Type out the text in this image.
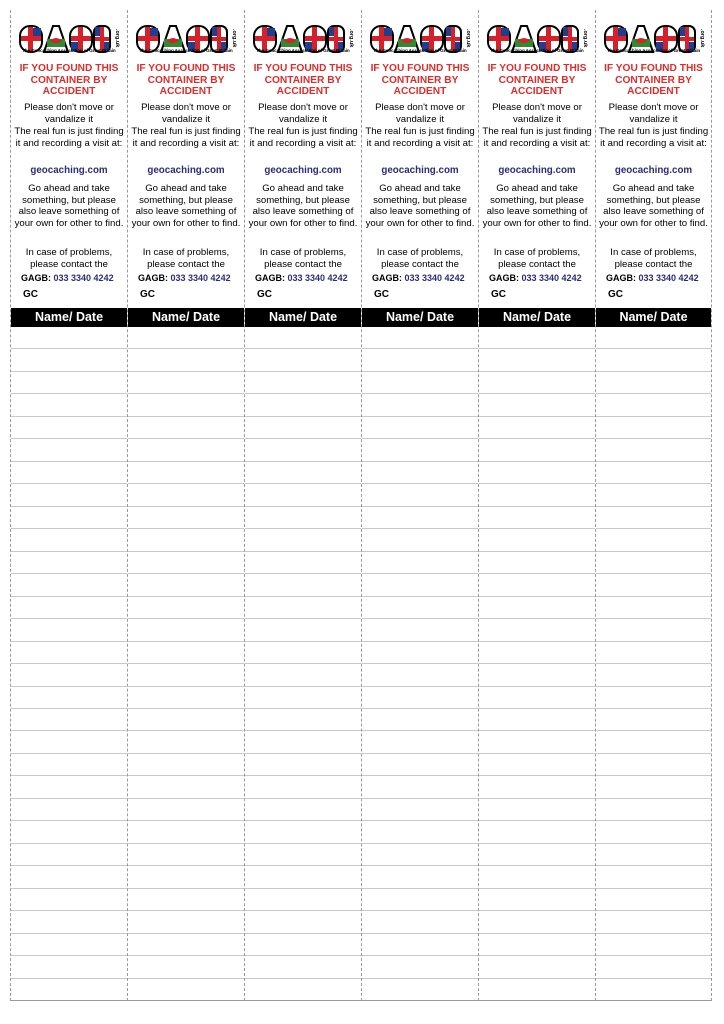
.org.uk
The Geocaching Association of Great Britain
IF YOU FOUND THIS CONTAINER BY ACCIDENT
Please don't move or vandalize it
The real fun is just finding it and recording a visit at:
geocaching.com
Go ahead and take something, but please also leave something of your own for other to find.
In case of problems, please contact the
GAGB: 033 3340 4242
GC
Name/ Date
.org.uk
The Geocaching Association of Great Britain
IF YOU FOUND THIS CONTAINER BY ACCIDENT
Please don't move or vandalize it
The real fun is just finding it and recording a visit at:
geocaching.com
Go ahead and take something, but please also leave something of your own for other to find.
In case of problems, please contact the
GAGB: 033 3340 4242
GC
Name/ Date
.org.uk
The Geocaching Association of Great Britain
IF YOU FOUND THIS CONTAINER BY ACCIDENT
Please don't move or vandalize it
The real fun is just finding it and recording a visit at:
geocaching.com
Go ahead and take something, but please also leave something of your own for other to find.
In case of problems, please contact the
GAGB: 033 3340 4242
GC
Name/ Date
.org.uk
The Geocaching Association of Great Britain
IF YOU FOUND THIS CONTAINER BY ACCIDENT
Please don't move or vandalize it
The real fun is just finding it and recording a visit at:
geocaching.com
Go ahead and take something, but please also leave something of your own for other to find.
In case of problems, please contact the
GAGB: 033 3340 4242
GC
Name/ Date
.org.uk
The Geocaching Association of Great Britain
IF YOU FOUND THIS CONTAINER BY ACCIDENT
Please don't move or vandalize it
The real fun is just finding it and recording a visit at:
geocaching.com
Go ahead and take something, but please also leave something of your own for other to find.
In case of problems, please contact the
GAGB: 033 3340 4242
GC
Name/ Date
.org.uk
The Geocaching Association of Great Britain
IF YOU FOUND THIS CONTAINER BY ACCIDENT
Please don't move or vandalize it
The real fun is just finding it and recording a visit at:
geocaching.com
Go ahead and take something, but please also leave something of your own for other to find.
In case of problems, please contact the
GAGB: 033 3340 4242
GC
Name/ Date
